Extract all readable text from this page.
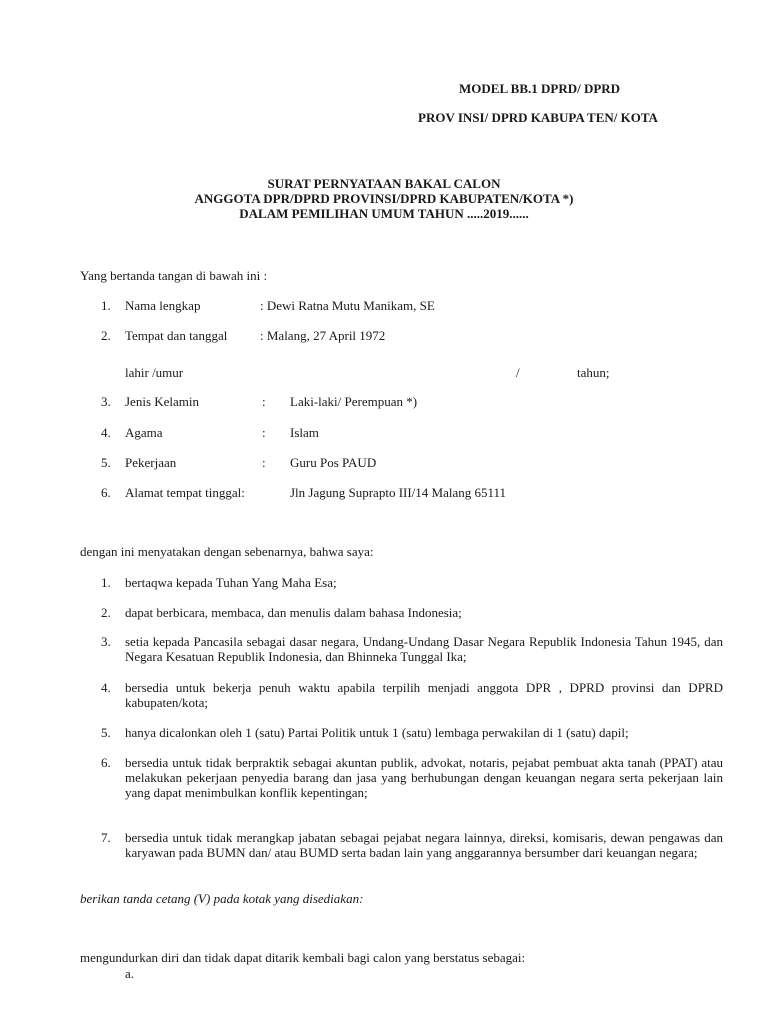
MODEL BB.1 DPRD/ DPRD
PROV INSI/ DPRD KABUPA TEN/ KOTA
SURAT PERNYATAAN BAKAL CALON
ANGGOTA DPR/DPRD PROVINSI/DPRD KABUPATEN/KOTA *)
DALAM PEMILIHAN UMUM TAHUN .....2019......
Yang bertanda tangan di bawah ini :
1. Nama lengkap	: Dewi Ratna Mutu Manikam, SE
2. Tempat dan tanggal	: Malang, 27 April 1972
lahir /umur	/	tahun;
3. Jenis Kelamin	: Laki-laki/ Perempuan *)
4. Agama	: Islam
5. Pekerjaan	: Guru Pos PAUD
6. Alamat tempat tinggal:	Jln Jagung Suprapto III/14 Malang 65111
dengan ini menyatakan dengan sebenarnya, bahwa saya:
1. bertaqwa kepada Tuhan Yang Maha Esa;
2. dapat berbicara, membaca, dan menulis dalam bahasa Indonesia;
3. setia kepada Pancasila sebagai dasar negara, Undang-Undang Dasar Negara Republik Indonesia Tahun 1945, dan Negara Kesatuan Republik Indonesia, dan Bhinneka Tunggal Ika;
4. bersedia untuk bekerja penuh waktu apabila terpilih menjadi anggota DPR , DPRD provinsi dan DPRD kabupaten/kota;
5. hanya dicalonkan oleh 1 (satu) Partai Politik untuk 1 (satu) lembaga perwakilan di 1 (satu) dapil;
6. bersedia untuk tidak berpraktik sebagai akuntan publik, advokat, notaris, pejabat pembuat akta tanah (PPAT) atau melakukan pekerjaan penyedia barang dan jasa yang berhubungan dengan keuangan negara serta pekerjaan lain yang dapat menimbulkan konflik kepentingan;
7. bersedia untuk tidak merangkap jabatan sebagai pejabat negara lainnya, direksi, komisaris, dewan pengawas dan karyawan pada BUMN dan/ atau BUMD serta badan lain yang anggarannya bersumber dari keuangan negara;
berikan tanda cetang (V) pada kotak yang disediakan:
mengundurkan diri dan tidak dapat ditarik kembali bagi calon yang berstatus sebagai:
a.
